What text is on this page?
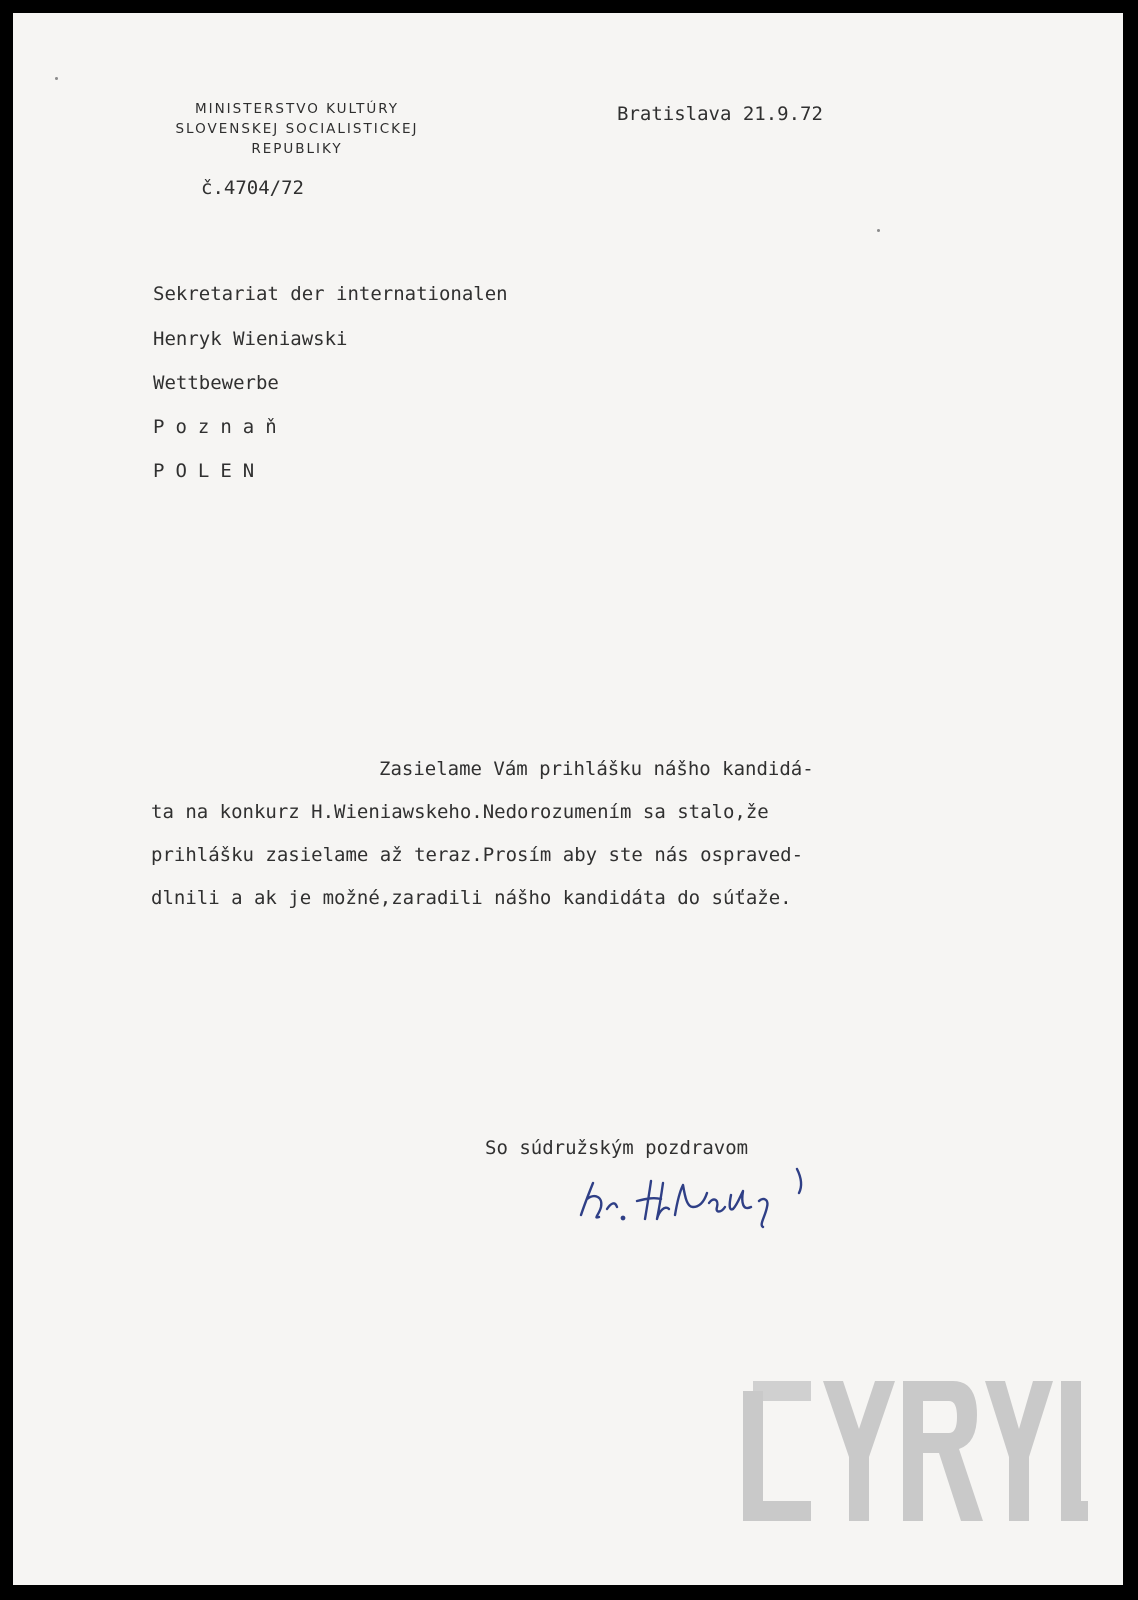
MINISTERSTVO KULTÚRY
SLOVENSKEJ SOCIALISTICKEJ
REPUBLIKY
č.4704/72
Bratislava 21.9.72
Sekretariat der internationalen
Henryk Wieniawski
Wettbewerbe
Poznaň
POLEN
Zasielame Vám prihlášku nášho kandidá-
ta na konkurz H.Wieniawskeho.Nedorozumením sa stalo,že
prihlášku zasielame až teraz.Prosím aby ste nás ospraved-
dlnili a ak je možné,zaradili nášho kandidáta do súťaže.
So súdružským pozdravom
